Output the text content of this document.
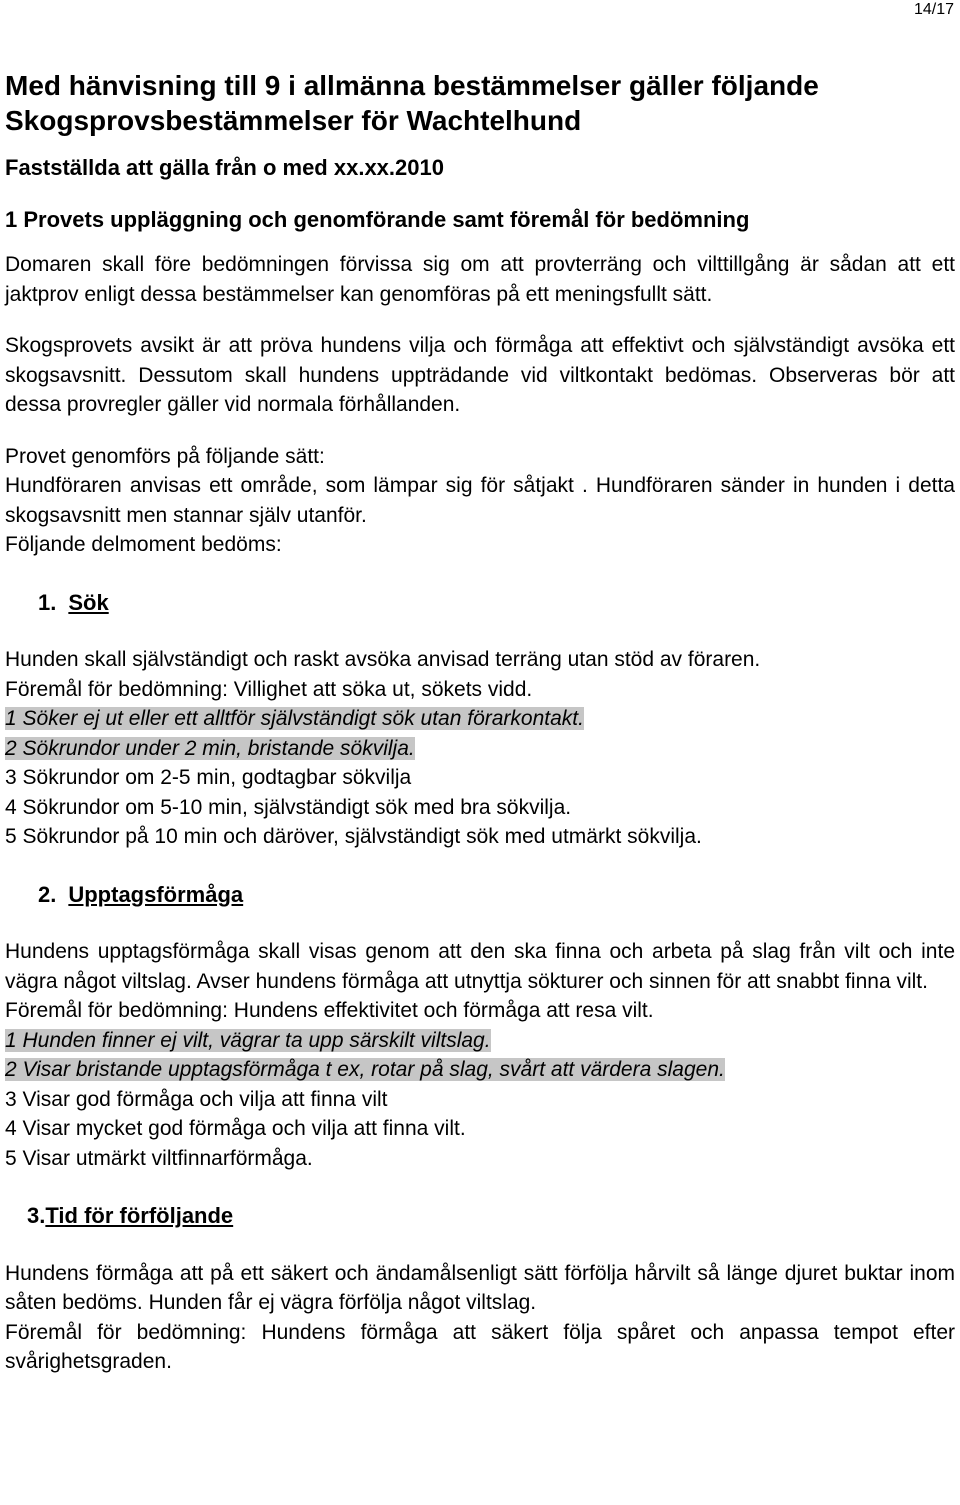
14/17

Med hänvisning till 9 i allmänna bestämmelser gäller följande

Skogsprovsbestämmelser för Wachtelhund

Fastställda att gälla från o med xx.xx.2010

1 Provets uppläggning och genomförande samt föremål för bedömning

Domaren skall före bedömningen förvissa sig om att provterräng och vilttillgång är sådan att ett jaktprov enligt dessa bestämmelser kan genomföras på ett meningsfullt sätt.

Skogsprovets avsikt är att pröva hundens vilja och förmåga att effektivt och självständigt avsöka ett skogsavsnitt. Dessutom skall hundens uppträdande vid viltkontakt bedömas. Observeras bör att dessa provregler gäller vid normala förhållanden.

Provet genomförs på följande sätt:

Hundföraren anvisas ett område, som lämpar sig för såtjakt . Hundföraren sänder in hunden i detta skogsavsnitt men stannar själv utanför.

Följande delmoment bedöms:

1. Sök

Hunden skall självständigt och raskt avsöka anvisad terräng utan stöd av föraren.

Föremål för bedömning: Villighet att söka ut, sökets vidd.

1 Söker ej ut eller ett alltför självständigt sök utan förarkontakt.

2 Sökrundor under 2 min, bristande sökvilja.

3 Sökrundor om 2-5 min, godtagbar sökvilja

4 Sökrundor om 5-10 min, självständigt sök med bra sökvilja.

5 Sökrundor på 10 min och däröver, självständigt sök med utmärkt sökvilja.

2. Upptagsförmåga

Hundens upptagsförmåga skall visas genom att den ska finna och arbeta på slag från vilt och inte vägra något viltslag. Avser hundens förmåga att utnyttja sökturer och sinnen för att snabbt finna vilt.

Föremål för bedömning: Hundens effektivitet och förmåga att resa vilt.

1 Hunden finner ej vilt, vägrar ta upp särskilt viltslag.

2 Visar bristande upptagsförmåga t ex, rotar på slag, svårt att värdera slagen.

3 Visar god förmåga och vilja att finna vilt

4 Visar mycket god förmåga och vilja att finna vilt.

5 Visar utmärkt viltfinnarförmåga.

3.Tid för förföljande

Hundens förmåga att på ett säkert och ändamålsenligt sätt förfölja hårvilt så länge djuret buktar inom såten bedöms. Hunden får ej vägra förfölja något viltslag.

Föremål för bedömning: Hundens förmåga att säkert följa spåret och anpassa tempot efter svårighetsgraden.
